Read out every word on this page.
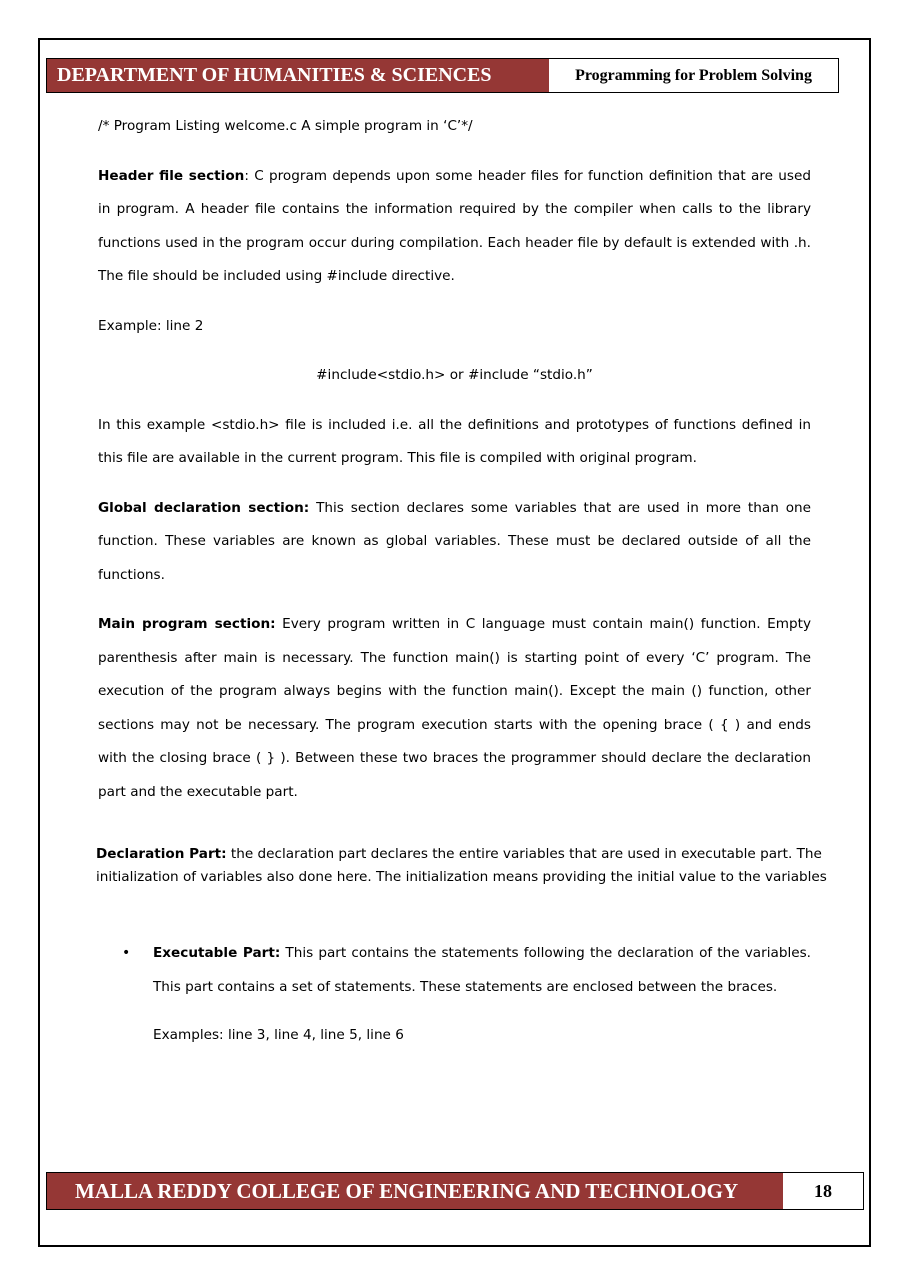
DEPARTMENT OF HUMANITIES & SCIENCES	Programming for Problem Solving

/* Program Listing welcome.c A simple program in ‘C’*/

Header file section: C program depends upon some header files for function definition that are used in program. A header file contains the information required by the compiler when calls to the library functions used in the program occur during compilation. Each header file by default is extended with .h. The file should be included using #include directive.

Example: line 2

#include<stdio.h> or #include “stdio.h”

In this example <stdio.h> file is included i.e. all the definitions and prototypes of functions defined in this file are available in the current program. This file is compiled with original program.

Global declaration section: This section declares some variables that are used in more than one function. These variables are known as global variables. These must be declared outside of all the functions.

Main program section: Every program written in C language must contain main() function. Empty parenthesis after main is necessary. The function main() is starting point of every ‘C’ program. The execution of the program always begins with the function main(). Except the main () function, other sections may not be necessary. The program execution starts with the opening brace ( { ) and ends with the closing brace ( } ). Between these two braces the programmer should declare the declaration part and the executable part.

Declaration Part: the declaration part declares the entire variables that are used in executable part. The initialization of variables also done here. The initialization means providing the initial value to the variables
•	Executable Part: This part contains the statements following the declaration of the variables. This part contains a set of statements. These statements are enclosed between the braces.
Examples: line 3, line 4, line 5, line 6
MALLA REDDY COLLEGE OF ENGINEERING AND TECHNOLOGY	18
